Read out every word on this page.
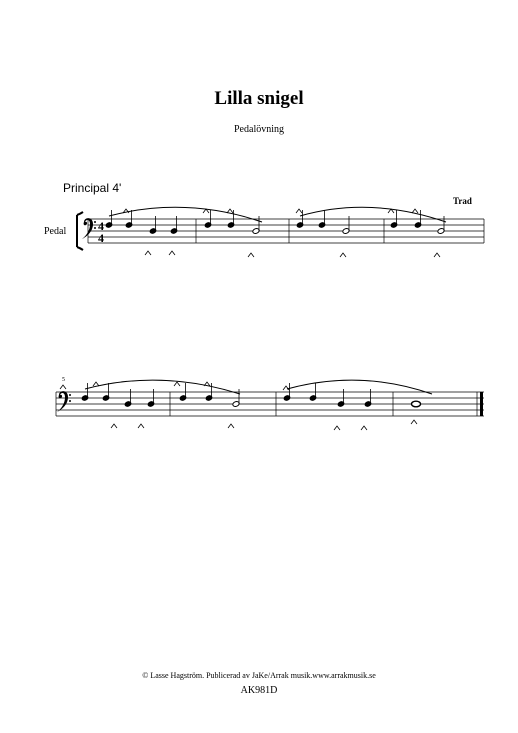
Lilla snigel
Pedalövning
Principal 4'
Trad
Pedal
5
4
4
© Lasse Hagström. Publicerad av JaKe/Arrak musik.www.arrakmusik.se
AK981D
